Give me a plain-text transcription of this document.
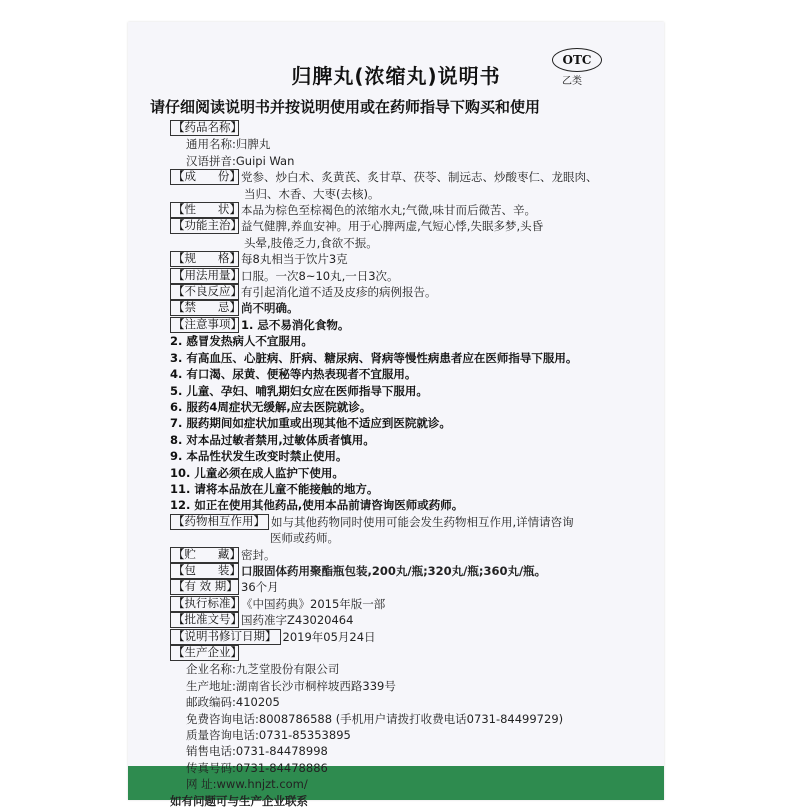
OTC
乙类
归脾丸(浓缩丸)说明书
请仔细阅读说明书并按说明使用或在药师指导下购买和使用
【 药品名称 】
通用名称:归脾丸
汉语拼音:Guipi Wan
【 成      份 】 党参、炒白术、炙黄芪、炙甘草、茯苓、制远志、炒酸枣仁、龙眼肉、
当归、木香、大枣(去核)。
【 性      状 】 本品为棕色至棕褐色的浓缩水丸;气微,味甘而后微苦、辛。
【 功能主治 】 益气健脾,养血安神。用于心脾两虚,气短心悸,失眠多梦,头昏
头晕,肢倦乏力,食欲不振。
【 规      格 】 每8丸相当于饮片3克
【 用法用量 】 口服。一次8~10丸,一日3次。
【 不良反应 】 有引起消化道不适及皮疹的病例报告。
【 禁      忌 】 尚不明确。
【 注意事项 】 1. 忌不易消化食物。
2. 感冒发热病人不宜服用。
3. 有高血压、心脏病、肝病、糖尿病、肾病等慢性病患者应在医师指导下服用。
4. 有口渴、尿黄、便秘等内热表现者不宜服用。
5. 儿童、孕妇、哺乳期妇女应在医师指导下服用。
6. 服药4周症状无缓解,应去医院就诊。
7. 服药期间如症状加重或出现其他不适应到医院就诊。
8. 对本品过敏者禁用,过敏体质者慎用。
9. 本品性状发生改变时禁止使用。
10. 儿童必须在成人监护下使用。
11. 请将本品放在儿童不能接触的地方。
12. 如正在使用其他药品,使用本品前请咨询医师或药师。
【 药物相互作用 】 如与其他药物同时使用可能会发生药物相互作用,详情请咨询
医师或药师。
【 贮      藏 】 密封。
【 包      装 】 口服固体药用聚酯瓶包装,200丸/瓶;320丸/瓶;360丸/瓶。
【 有 效 期 】 36个月
【 执行标准 】 《中国药典》2015年版一部
【 批准文号 】 国药准字Z43020464
【 说明书修订日期 】 2019年05月24日
【 生产企业 】
企业名称:九芝堂股份有限公司
生产地址:湖南省长沙市桐梓坡西路339号
邮政编码:410205
免费咨询电话:8008786588 (手机用户请拨打收费电话0731-84499729)
质量咨询电话:0731-85353895
销售电话:0731-84478998
传真号码:0731-84478886
网 址:www.hnjzt.com/
如有问题可与生产企业联系
